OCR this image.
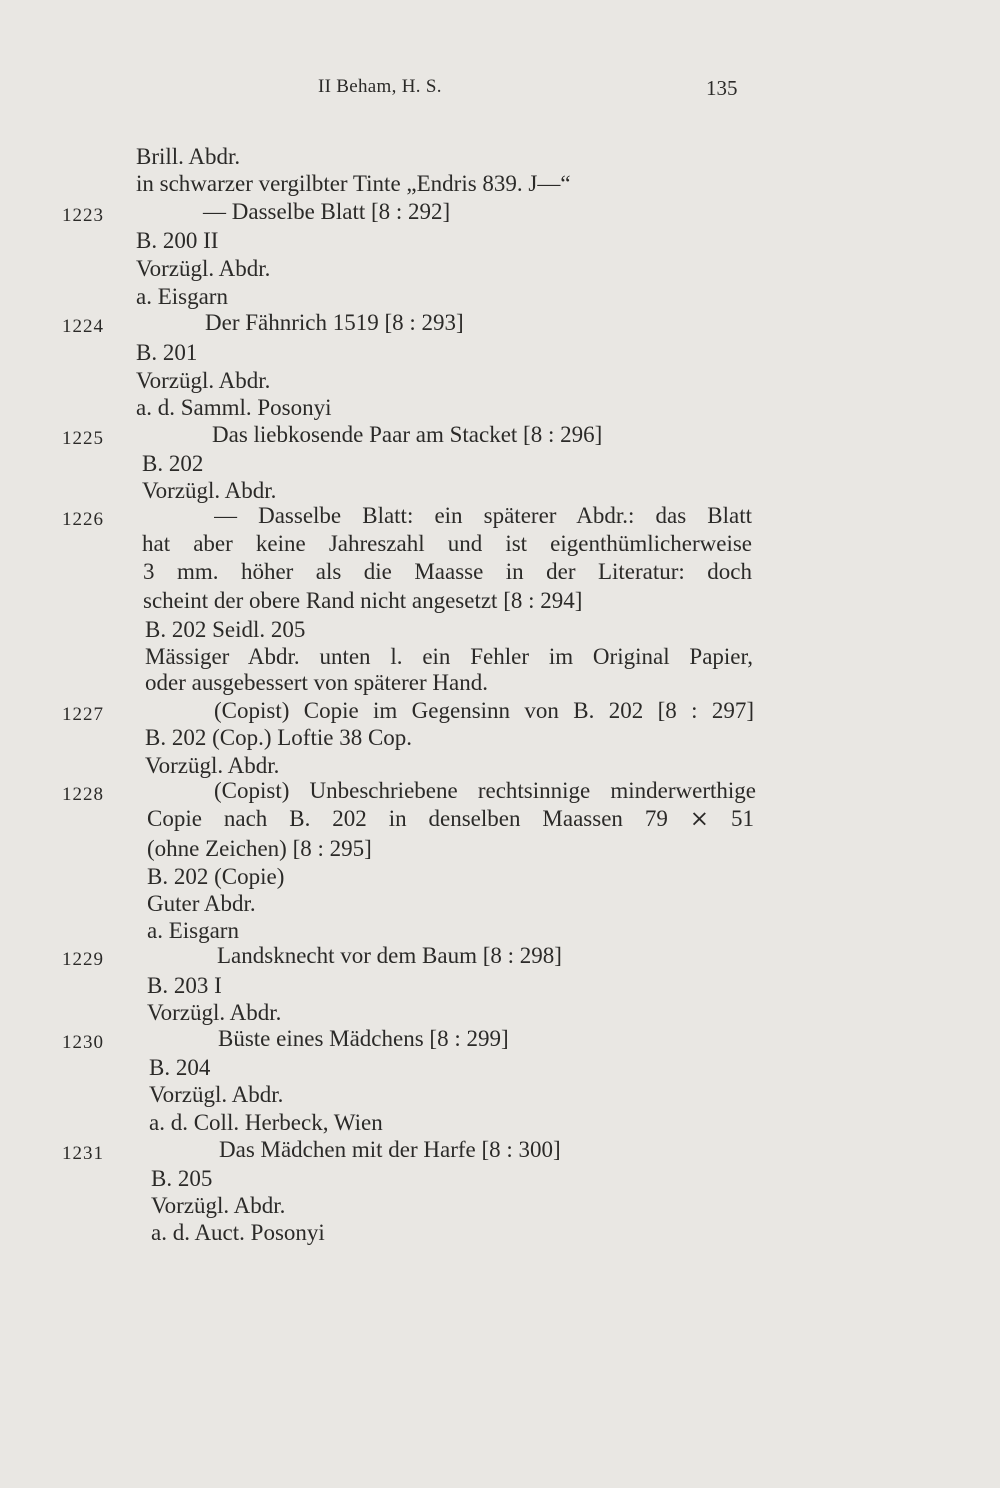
II Beham, H. S.	135
Brill. Abdr.
in schwarzer vergilbter Tinte „Endris 839. J—“
1223	— Dasselbe Blatt [8 : 292]
B. 200 II
Vorzügl. Abdr.
a. Eisgarn
1224	Der Fähnrich 1519 [8 : 293]
B. 201
Vorzügl. Abdr.
a. d. Samml. Posonyi
1225	Das liebkosende Paar am Stacket [8 : 296]
B. 202
Vorzügl. Abdr.
1226	— Dasselbe Blatt: ein späterer Abdr.: das Blatt
hat aber keine Jahreszahl und ist eigenthümlicherweise
3 mm. höher als die Maasse in der Literatur: doch
scheint der obere Rand nicht angesetzt [8 : 294]
B. 202 Seidl. 205
Mässiger Abdr. unten l. ein Fehler im Original Papier,
oder ausgebessert von späterer Hand.
1227	(Copist) Copie im Gegensinn von B. 202 [8 : 297]
B. 202 (Cop.) Loftie 38 Cop.
Vorzügl. Abdr.
1228	(Copist) Unbeschriebene rechtsinnige minderwerthige
Copie nach B. 202 in denselben Maassen 79 ⨯ 51
(ohne Zeichen) [8 : 295]
B. 202 (Copie)
Guter Abdr.
a. Eisgarn
1229	Landsknecht vor dem Baum [8 : 298]
B. 203 I
Vorzügl. Abdr.
1230	Büste eines Mädchens [8 : 299]
B. 204
Vorzügl. Abdr.
a. d. Coll. Herbeck, Wien
1231	Das Mädchen mit der Harfe [8 : 300]
B. 205
Vorzügl. Abdr.
a. d. Auct. Posonyi
